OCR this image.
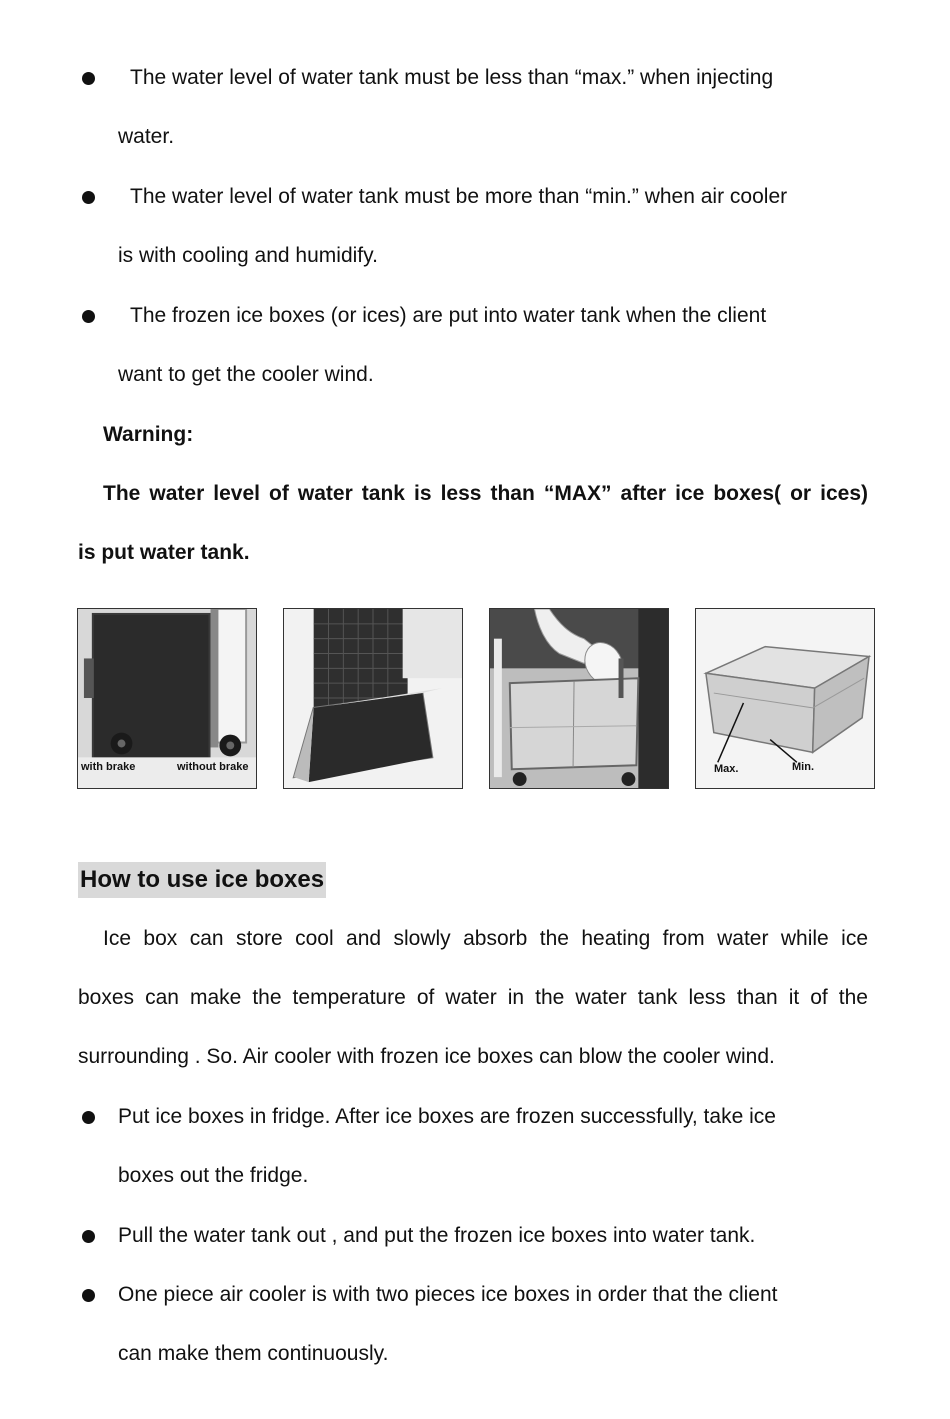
The water level of water tank must be less than “max.” when injecting
water.
The water level of water tank must be more than “min.” when air cooler
is with cooling and humidify.
The frozen ice boxes (or ices) are put into water tank when the client
want to get the cooler wind.

Warning:

The water level of water tank is less than “MAX” after ice boxes( or ices)

is put water tank.

with brake	without brake	Max.	Min.
How to use ice boxes

Ice box can store cool and slowly absorb the heating from water while ice

boxes can make the temperature of water in the water tank less than it of the

surrounding . So. Air cooler with frozen ice boxes can blow the cooler wind.

Put ice boxes in fridge. After ice boxes are frozen successfully, take ice
boxes out the fridge.
Pull the water tank out , and put the frozen ice boxes into water tank.
One piece air cooler is with two pieces ice boxes in order that the client
can make them continuously.
